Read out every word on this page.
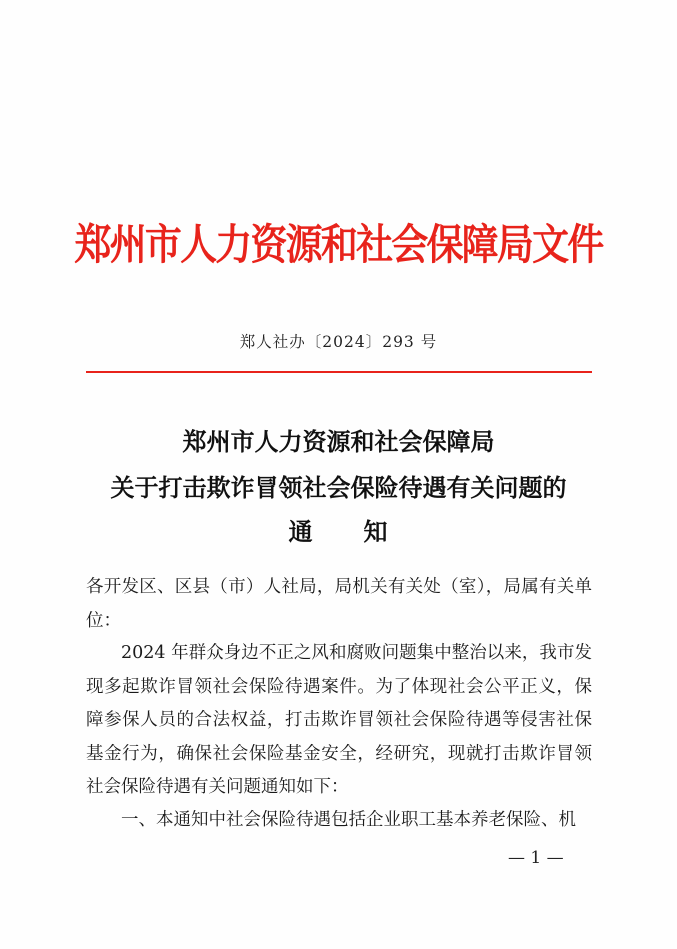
郑州市人力资源和社会保障局文件
郑人社办〔2024〕293 号
郑州市人力资源和社会保障局
关于打击欺诈冒领社会保险待遇有关问题的
通　　知
各开发区、区县（市）人社局，局机关有关处（室），局属有关单位：
2024 年群众身边不正之风和腐败问题集中整治以来，我市发现多起欺诈冒领社会保险待遇案件。为了体现社会公平正义，保障参保人员的合法权益，打击欺诈冒领社会保险待遇等侵害社保基金行为，确保社会保险基金安全，经研究，现就打击欺诈冒领社会保险待遇有关问题通知如下：
一、本通知中社会保险待遇包括企业职工基本养老保险、机
— 1 —
